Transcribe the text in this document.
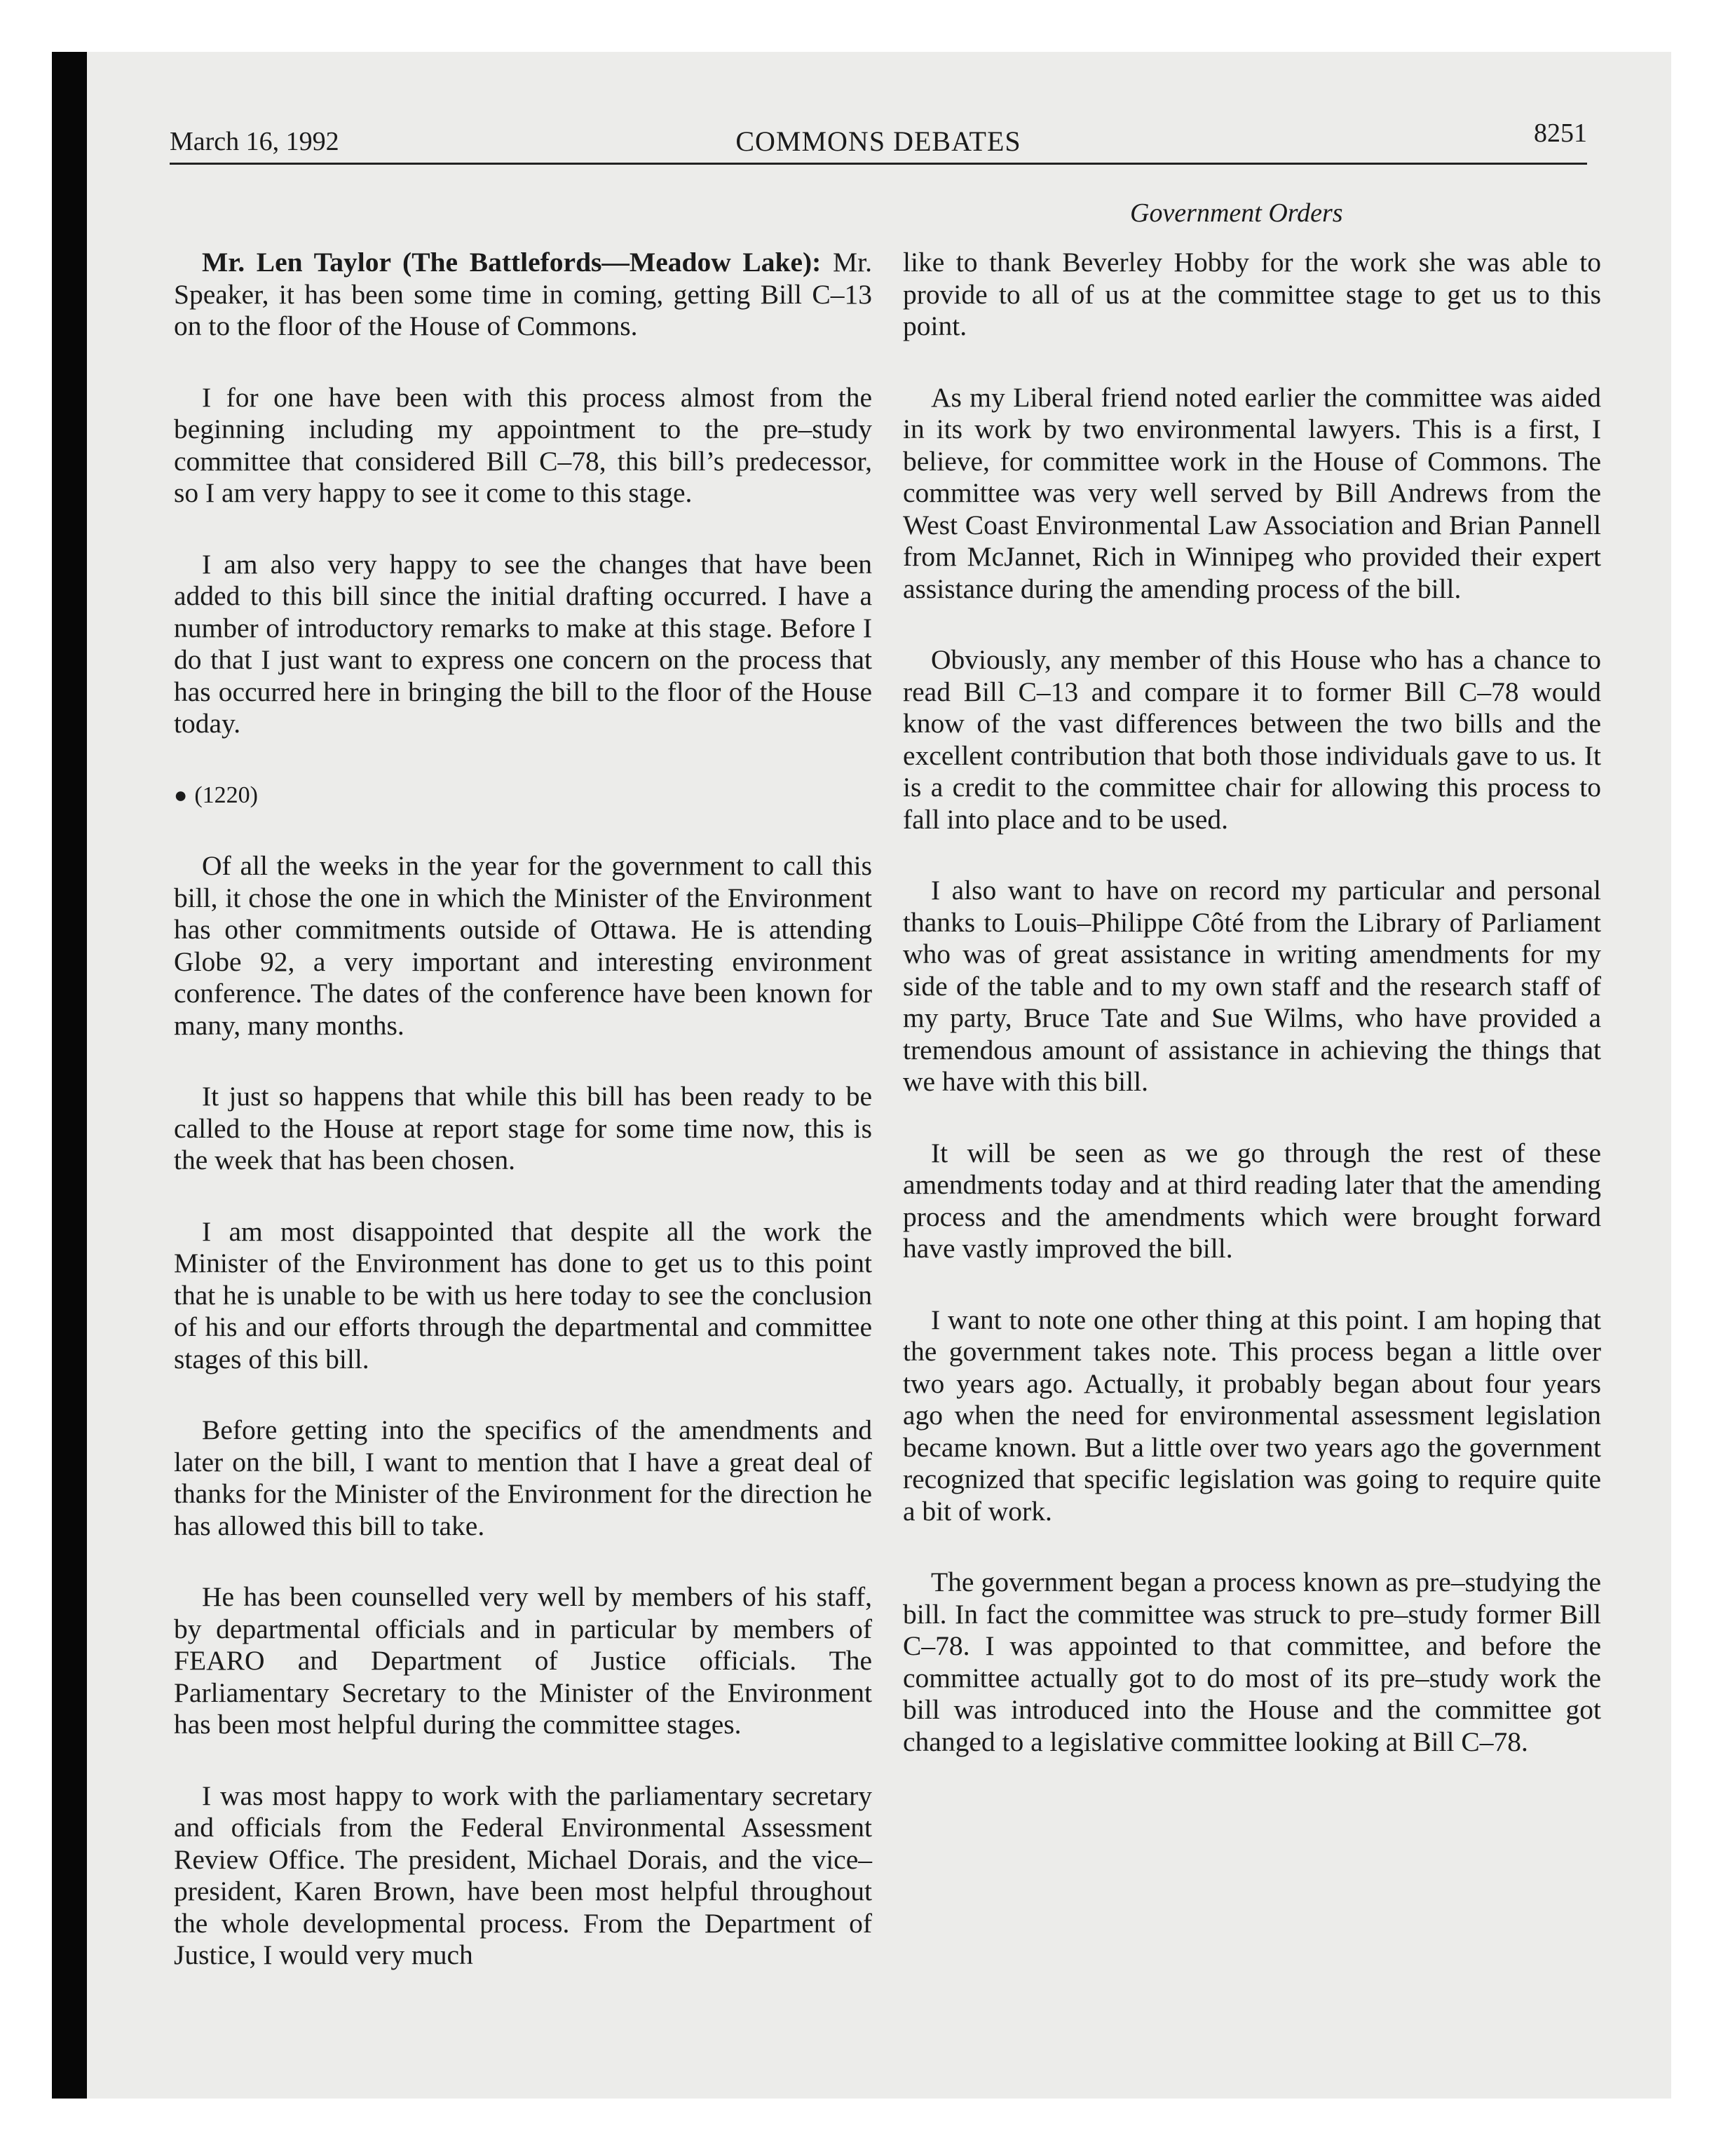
March 16, 1992	COMMONS DEBATES	8251
Government Orders

Mr. Len Taylor (The Battlefords—Meadow Lake): Mr. Speaker, it has been some time in coming, getting Bill C–13 on to the floor of the House of Commons.

I for one have been with this process almost from the beginning including my appointment to the pre–study committee that considered Bill C–78, this bill’s predecessor, so I am very happy to see it come to this stage.

I am also very happy to see the changes that have been added to this bill since the initial drafting occurred. I have a number of introductory remarks to make at this stage. Before I do that I just want to express one concern on the process that has occurred here in bringing the bill to the floor of the House today.

● (1220)

Of all the weeks in the year for the government to call this bill, it chose the one in which the Minister of the Environment has other commitments outside of Ottawa. He is attending Globe 92, a very important and interesting environment conference. The dates of the conference have been known for many, many months.

It just so happens that while this bill has been ready to be called to the House at report stage for some time now, this is the week that has been chosen.

I am most disappointed that despite all the work the Minister of the Environment has done to get us to this point that he is unable to be with us here today to see the conclusion of his and our efforts through the departmental and committee stages of this bill.

Before getting into the specifics of the amendments and later on the bill, I want to mention that I have a great deal of thanks for the Minister of the Environment for the direction he has allowed this bill to take.

He has been counselled very well by members of his staff, by departmental officials and in particular by members of FEARO and Department of Justice officials. The Parliamentary Secretary to the Minister of the Environment has been most helpful during the committee stages.

I was most happy to work with the parliamentary secretary and officials from the Federal Environmental Assessment Review Office. The president, Michael Dorais, and the vice–president, Karen Brown, have been most helpful throughout the whole developmental process. From the Department of Justice, I would very much

like to thank Beverley Hobby for the work she was able to provide to all of us at the committee stage to get us to this point.

As my Liberal friend noted earlier the committee was aided in its work by two environmental lawyers. This is a first, I believe, for committee work in the House of Commons. The committee was very well served by Bill Andrews from the West Coast Environmental Law Association and Brian Pannell from McJannet, Rich in Winnipeg who provided their expert assistance during the amending process of the bill.

Obviously, any member of this House who has a chance to read Bill C–13 and compare it to former Bill C–78 would know of the vast differences between the two bills and the excellent contribution that both those individuals gave to us. It is a credit to the committee chair for allowing this process to fall into place and to be used.

I also want to have on record my particular and personal thanks to Louis–Philippe Côté from the Library of Parliament who was of great assistance in writing amendments for my side of the table and to my own staff and the research staff of my party, Bruce Tate and Sue Wilms, who have provided a tremendous amount of assistance in achieving the things that we have with this bill.

It will be seen as we go through the rest of these amendments today and at third reading later that the amending process and the amendments which were brought forward have vastly improved the bill.

I want to note one other thing at this point. I am hoping that the government takes note. This process began a little over two years ago. Actually, it probably began about four years ago when the need for environmental assessment legislation became known. But a little over two years ago the government recognized that specific legislation was going to require quite a bit of work.

The government began a process known as pre–studying the bill. In fact the committee was struck to pre–study former Bill C–78. I was appointed to that committee, and before the committee actually got to do most of its pre–study work the bill was introduced into the House and the committee got changed to a legislative committee looking at Bill C–78.
